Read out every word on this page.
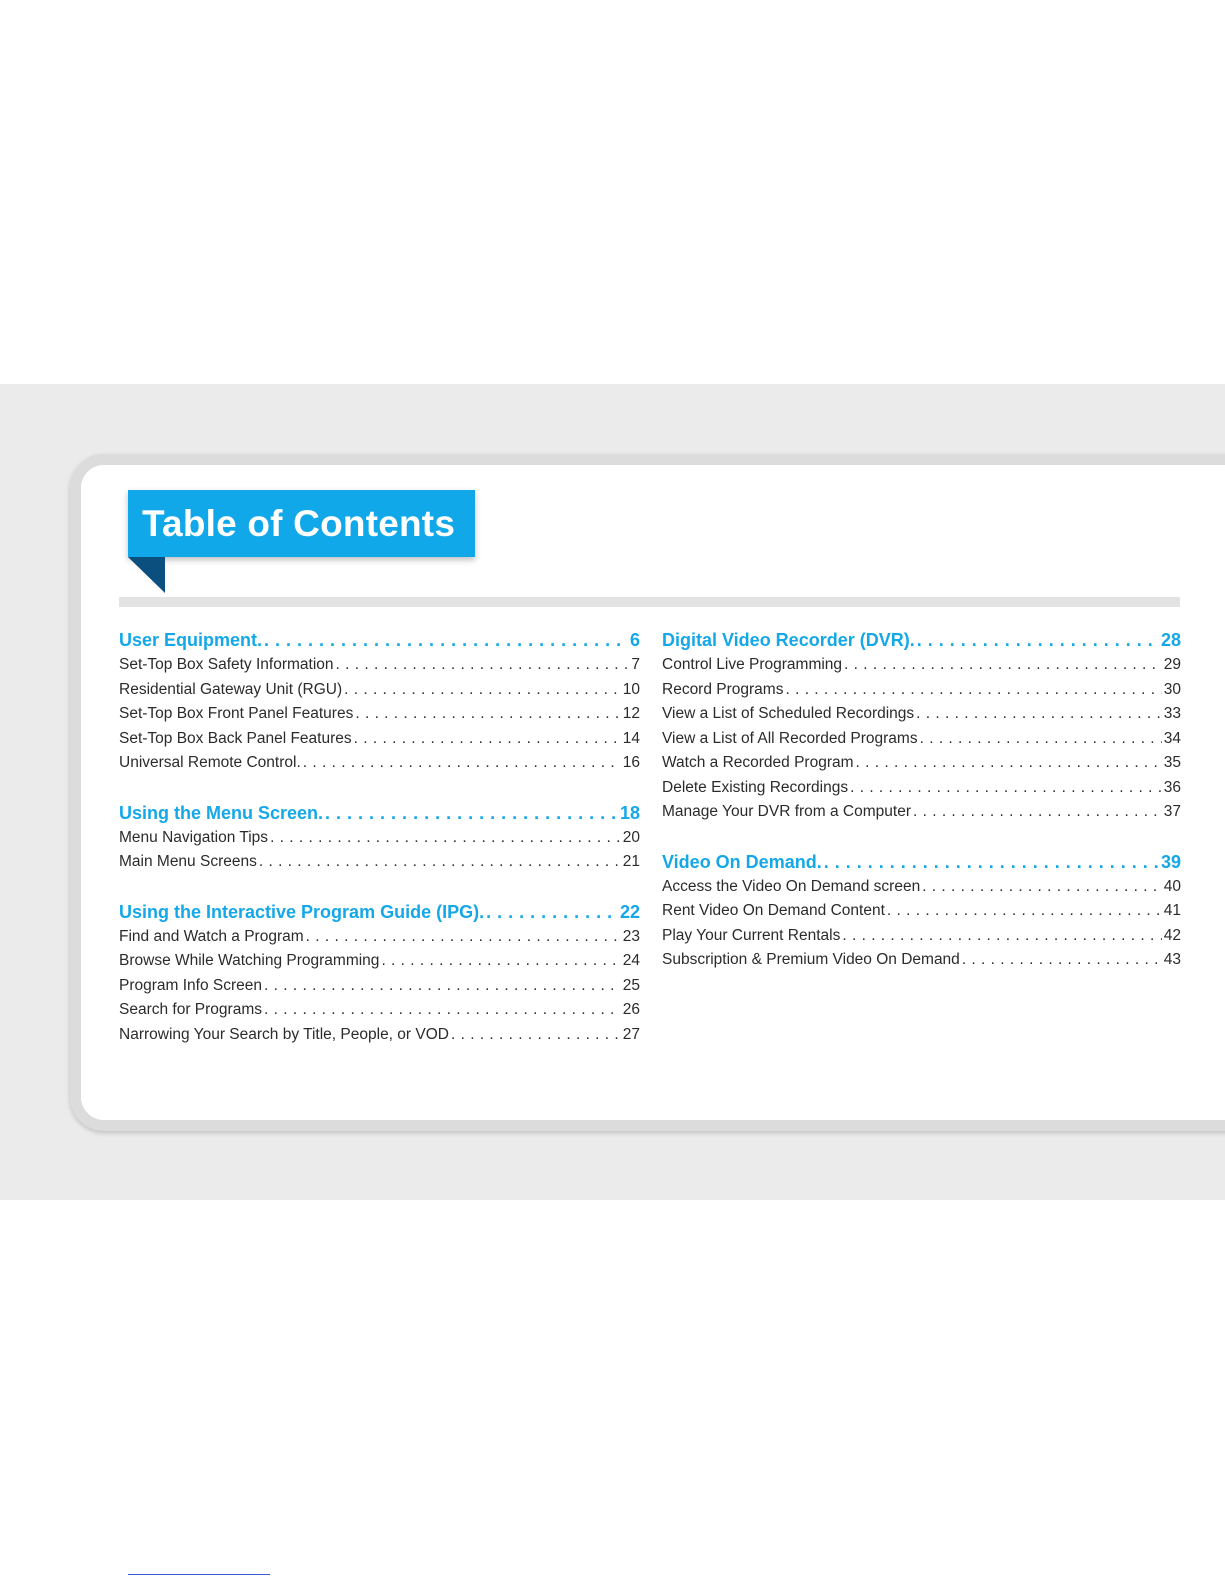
Table of Contents
User Equipment. . . .	6
Set-Top Box Safety Information . . .	7
Residential Gateway Unit (RGU) . . .	10
Set-Top Box Front Panel Features . . .	12
Set-Top Box Back Panel Features . . .	14
Universal Remote Control. . . .	16
Using the Menu Screen. . . .	18
Menu Navigation Tips . . .	20
Main Menu Screens . . .	21
Using the Interactive Program Guide (IPG). . . .	22
Find and Watch a Program . . .	23
Browse While Watching Programming . . .	24
Program Info Screen . . .	25
Search for Programs . . .	26
Narrowing Your Search by Title, People, or VOD . . .	27
Digital Video Recorder (DVR). . . .	28
Control Live Programming . . .	29
Record Programs . . .	30
View a List of Scheduled Recordings . . .	33
View a List of All Recorded Programs . . .	34
Watch a Recorded Program . . .	35
Delete Existing Recordings . . .	36
Manage Your DVR from a Computer . . .	37
Video On Demand. . . .	39
Access the Video On Demand screen . . .	40
Rent Video On Demand Content . . .	41
Play Your Current Rentals . . .	42
Subscription & Premium Video On Demand . . .	43
